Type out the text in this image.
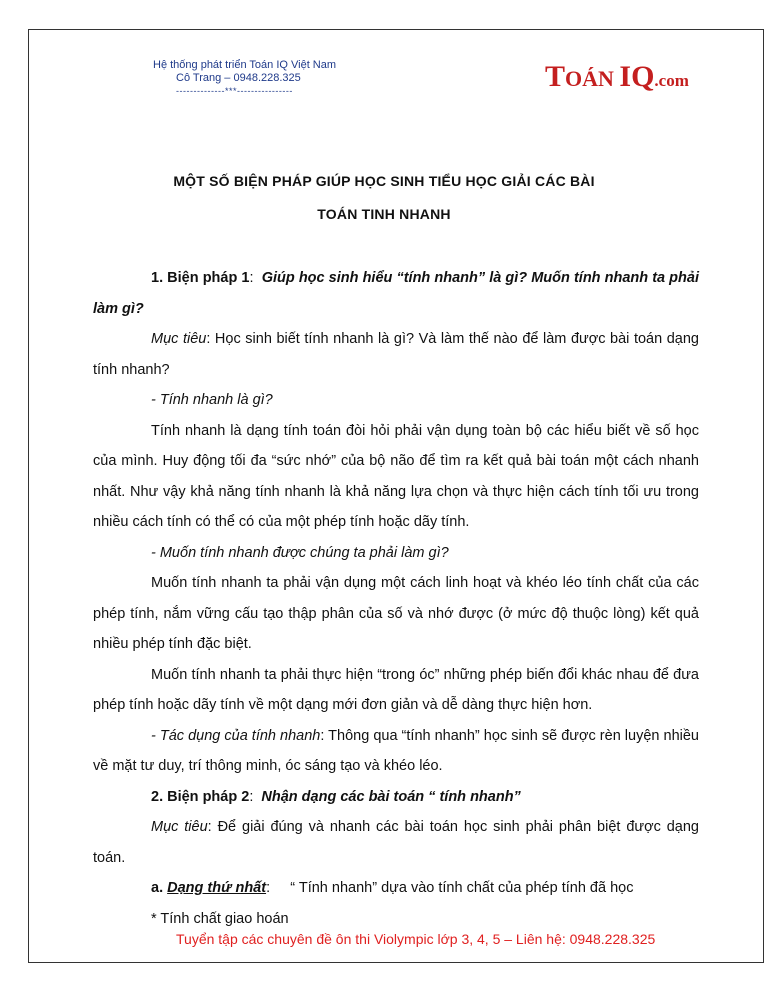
Hệ thống phát triển Toán IQ Việt Nam
Cô Trang – 0948.228.325
--------------***----------------	TOÁN IQ.com
MỘT SỐ BIỆN PHÁP GIÚP HỌC SINH TIỂU HỌC GIẢI CÁC BÀI
TOÁN TINH NHANH

1. Biện pháp 1:  Giúp học sinh hiểu “tính nhanh” là gì? Muốn tính nhanh ta phải làm gì?

Mục tiêu: Học sinh biết tính nhanh là gì? Và làm thế nào để làm được bài toán dạng tính nhanh?

- Tính nhanh là gì?

Tính nhanh là dạng tính toán đòi hỏi phải vận dụng toàn bộ các hiểu biết về số học của mình. Huy động tối đa “sức nhớ” của bộ não để tìm ra kết quả bài toán một cách nhanh nhất. Như vậy khả năng tính nhanh là khả năng lựa chọn và thực hiện cách tính tối ưu trong nhiều cách tính có thể có của một phép tính hoặc dãy tính.

- Muốn tính nhanh được chúng ta phải làm gì?

Muốn tính nhanh ta phải vận dụng một cách linh hoạt và khéo léo tính chất của các phép tính, nắm vững cấu tạo thập phân của số và nhớ được (ở mức độ thuộc lòng) kết quả nhiều phép tính đặc biệt.

Muốn tính nhanh ta phải thực hiện “trong óc” những phép biến đổi khác nhau để đưa phép tính hoặc dãy tính về một dạng mới đơn giản và dễ dàng thực hiện hơn.

- Tác dụng của tính nhanh: Thông qua “tính nhanh” học sinh sẽ được rèn luyện nhiều về mặt tư duy, trí thông minh, óc sáng tạo và khéo léo.

2. Biện pháp 2:  Nhận dạng các bài toán “ tính nhanh”

Mục tiêu: Để giải đúng và nhanh các bài toán học sinh phải phân biệt được dạng toán.

a. Dạng thứ nhất: “ Tính nhanh” dựa vào tính chất của phép tính đã học

* Tính chất giao hoán

Tuyển tập các chuyên đề ôn thi Violympic lớp 3, 4, 5 – Liên hệ: 0948.228.325
